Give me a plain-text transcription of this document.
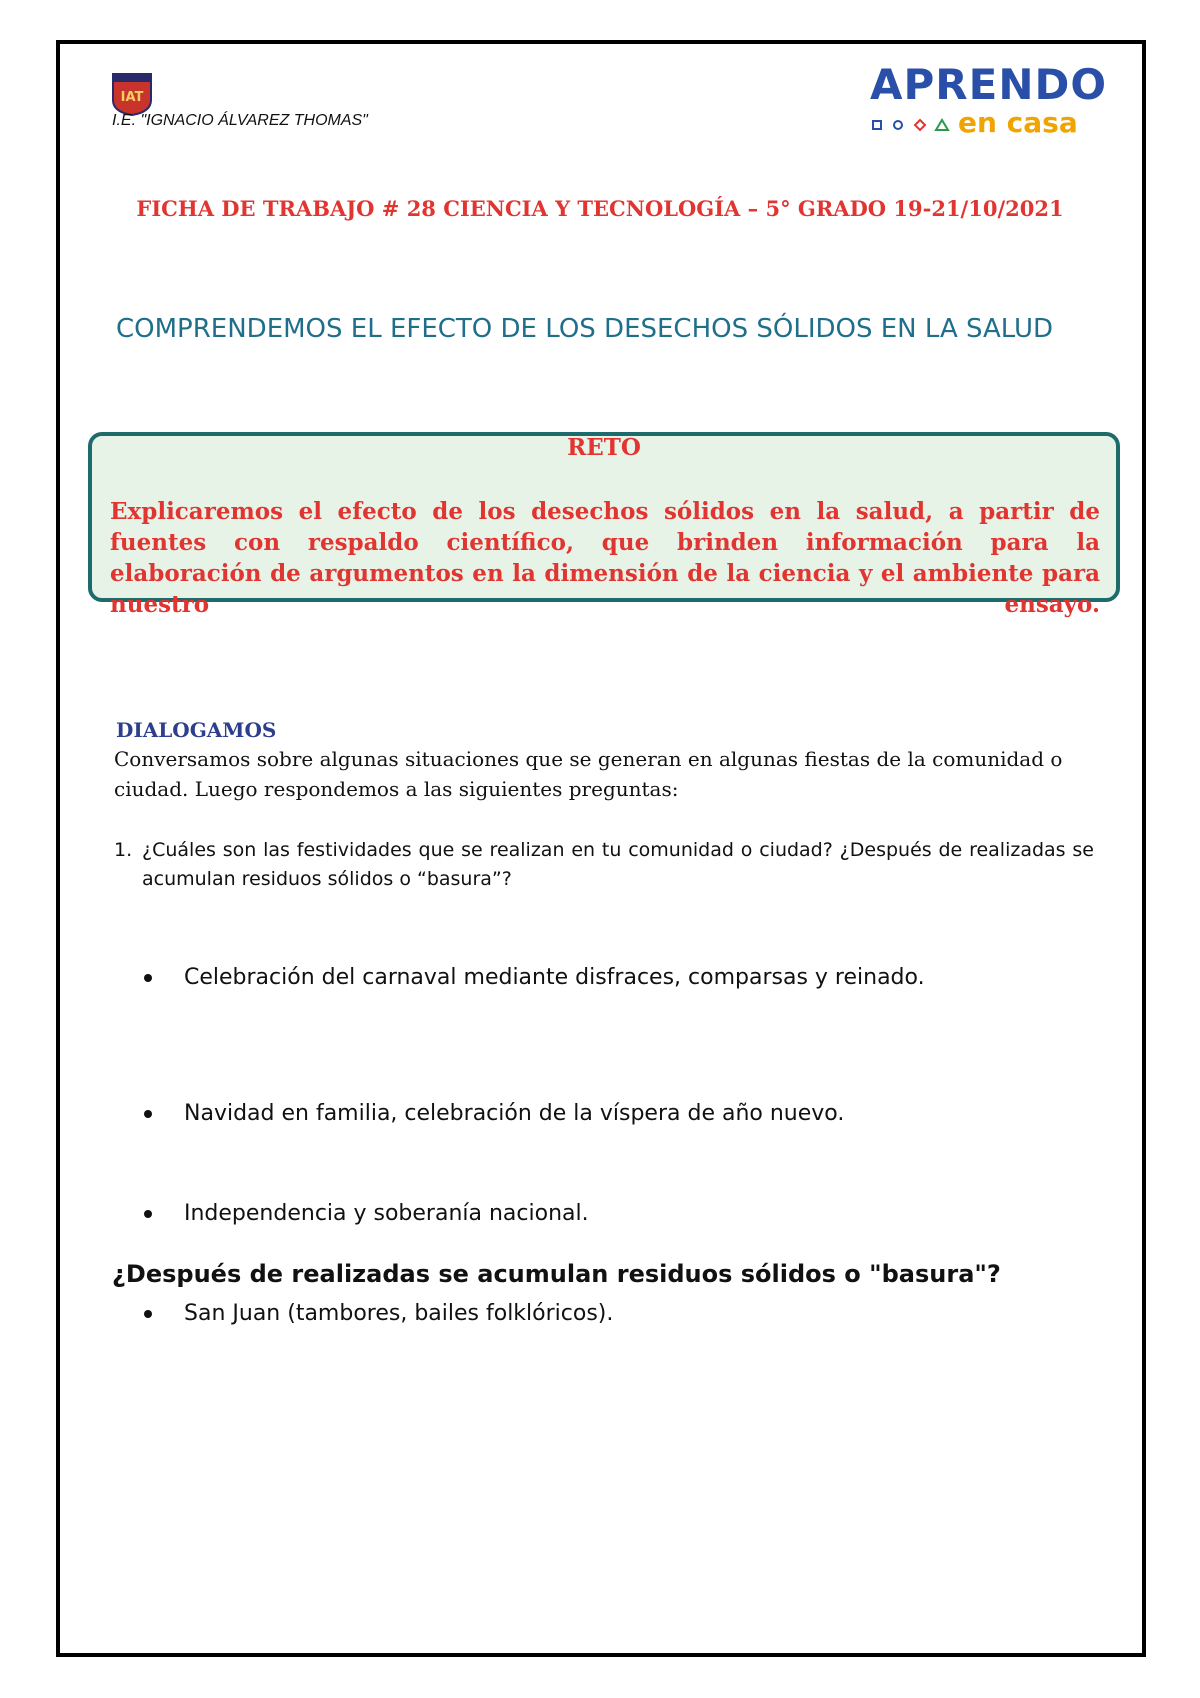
IAT
I.E. "IGNACIO ÁLVAREZ THOMAS"
APRENDO
en casa
FICHA DE TRABAJO # 28 CIENCIA Y TECNOLOGÍA – 5° GRADO 19-21/10/2021
COMPRENDEMOS EL EFECTO DE LOS DESECHOS SÓLIDOS EN LA SALUD
RETO
Explicaremos el efecto de los desechos sólidos en la salud, a partir de fuentes con respaldo científico, que brinden información para la elaboración de argumentos en la dimensión de la ciencia y el ambiente para nuestro ensayo.
DIALOGAMOS
Conversamos sobre algunas situaciones que se generan en algunas fiestas de la comunidad o ciudad. Luego respondemos a las siguientes preguntas:
1. ¿Cuáles son las festividades que se realizan en tu comunidad o ciudad? ¿Después de realizadas se acumulan residuos sólidos o “basura”?
Celebración del carnaval mediante disfraces, comparsas y reinado.
Navidad en familia, celebración de la víspera de año nuevo.
Independencia y soberanía nacional.
San Juan (tambores, bailes folklóricos).
¿Después de realizadas se acumulan residuos sólidos o "basura"?
